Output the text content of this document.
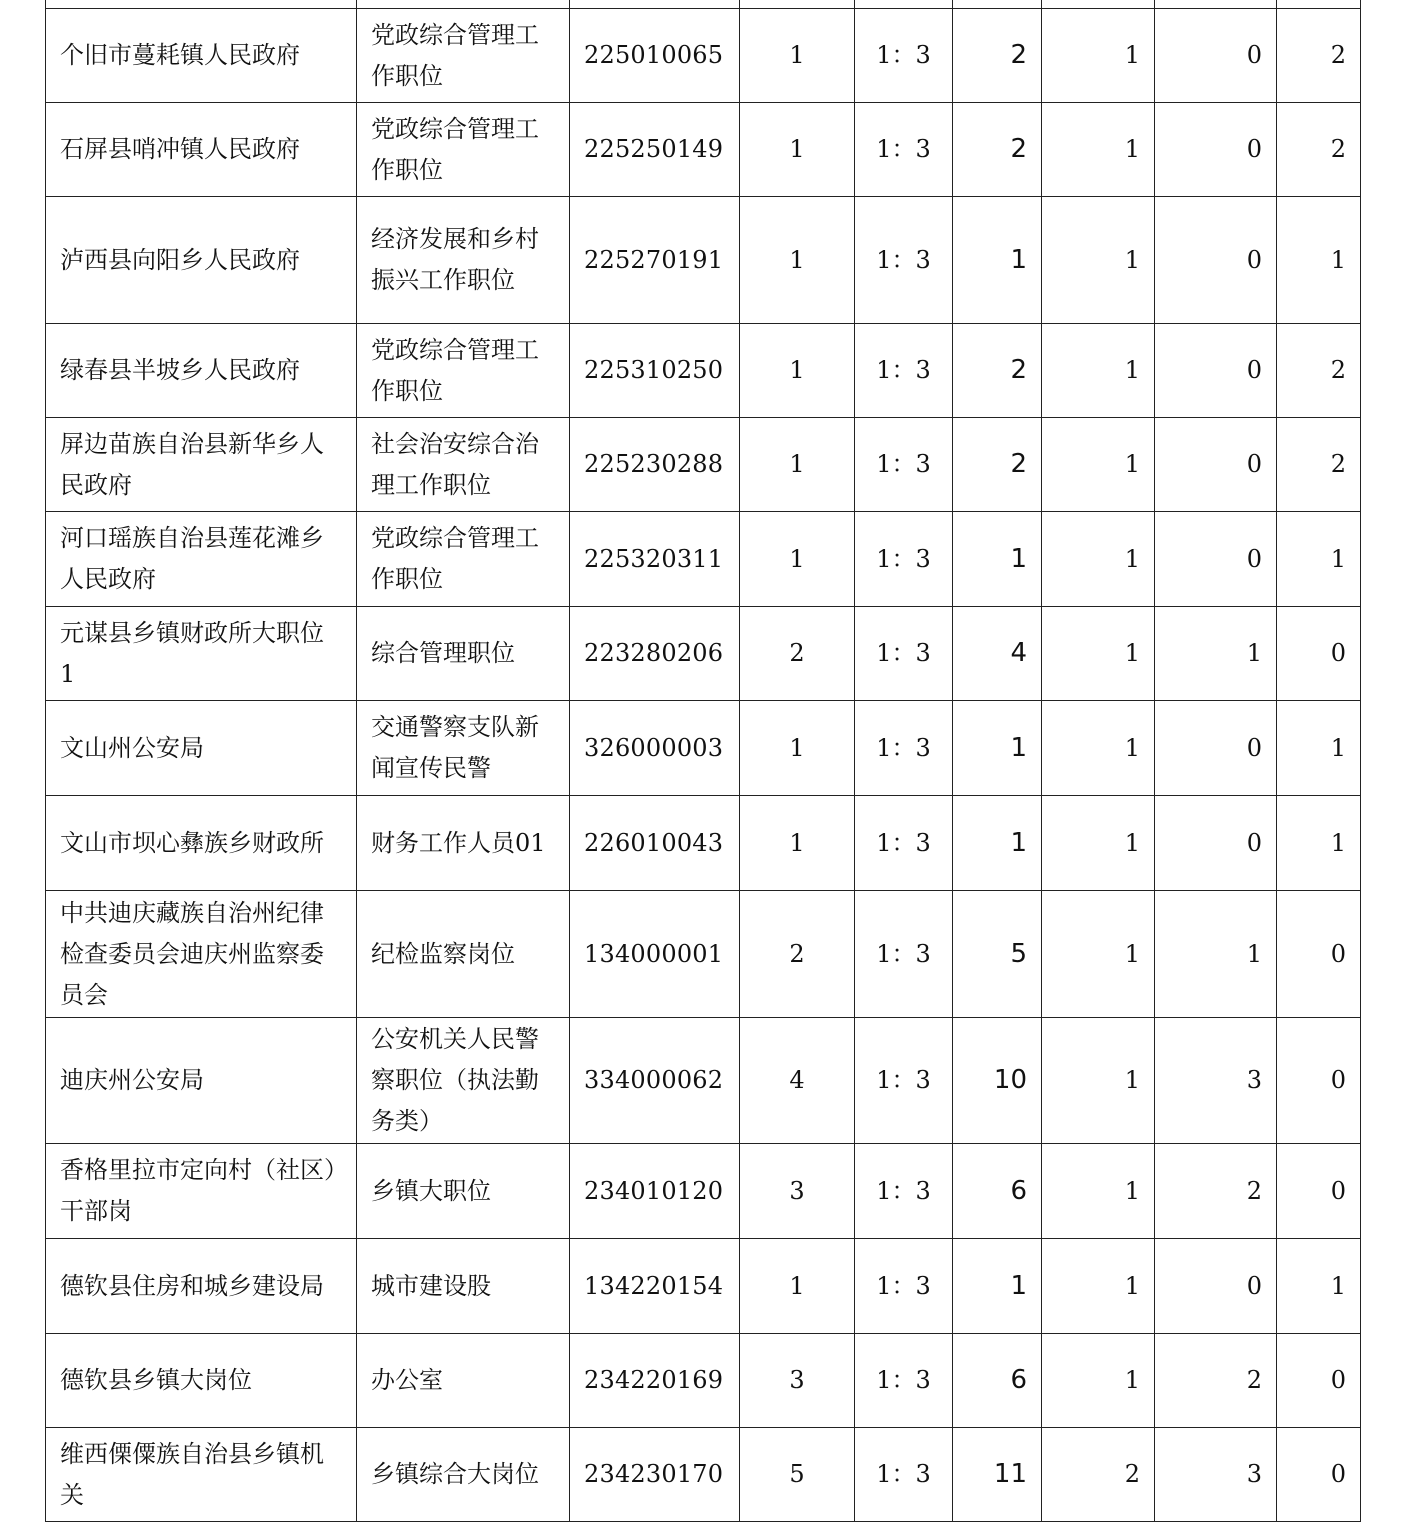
个旧市蔓耗镇人民政府	党政综合管理工作职位	225010065	1	1：3	2	1	0	2
石屏县哨冲镇人民政府	党政综合管理工作职位	225250149	1	1：3	2	1	0	2
泸西县向阳乡人民政府	经济发展和乡村振兴工作职位	225270191	1	1：3	1	1	0	1
绿春县半坡乡人民政府	党政综合管理工作职位	225310250	1	1：3	2	1	0	2
屏边苗族自治县新华乡人民政府	社会治安综合治理工作职位	225230288	1	1：3	2	1	0	2
河口瑶族自治县莲花滩乡人民政府	党政综合管理工作职位	225320311	1	1：3	1	1	0	1
元谋县乡镇财政所大职位 1	综合管理职位	223280206	2	1：3	4	1	1	0
文山州公安局	交通警察支队新闻宣传民警	326000003	1	1：3	1	1	0	1
文山市坝心彝族乡财政所	财务工作人员01	226010043	1	1：3	1	1	0	1
中共迪庆藏族自治州纪律检查委员会迪庆州监察委员会	纪检监察岗位	134000001	2	1：3	5	1	1	0
迪庆州公安局	公安机关人民警察职位（执法勤务类）	334000062	4	1：3	10	1	3	0
香格里拉市定向村（社区）干部岗	乡镇大职位	234010120	3	1：3	6	1	2	0
德钦县住房和城乡建设局	城市建设股	134220154	1	1：3	1	1	0	1
德钦县乡镇大岗位	办公室	234220169	3	1：3	6	1	2	0
维西傈僳族自治县乡镇机关	乡镇综合大岗位	234230170	5	1：3	11	2	3	0
